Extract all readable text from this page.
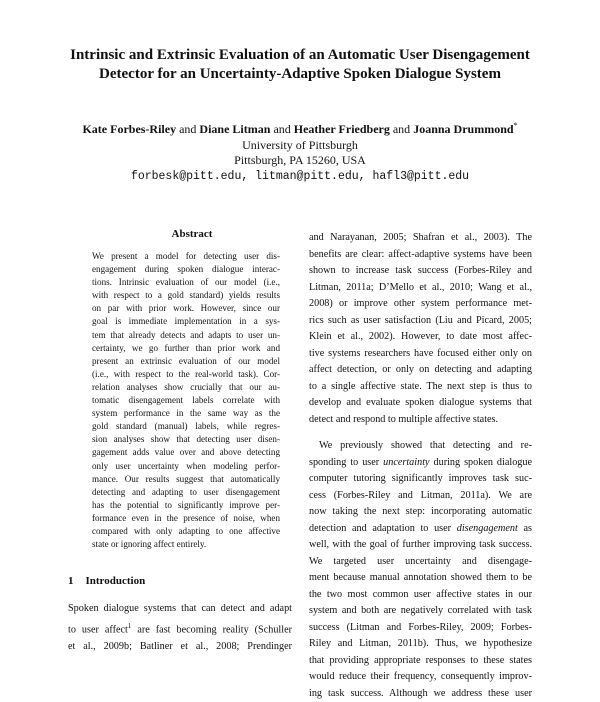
Intrinsic and Extrinsic Evaluation of an Automatic User Disengagement
Detector for an Uncertainty-Adaptive Spoken Dialogue System
Kate Forbes-Riley and Diane Litman and Heather Friedberg and Joanna Drummond*
University of Pittsburgh
Pittsburgh, PA 15260, USA
forbesk@pitt.edu, litman@pitt.edu, hafl3@pitt.edu
Abstract
We present a model for detecting user dis-
engagement during spoken dialogue interac-
tions. Intrinsic evaluation of our model (i.e.,
with respect to a gold standard) yields results
on par with prior work. However, since our
goal is immediate implementation in a sys-
tem that already detects and adapts to user un-
certainty, we go further than prior work and
present an extrinsic evaluation of our model
(i.e., with respect to the real-world task). Cor-
relation analyses show crucially that our au-
tomatic disengagement labels correlate with
system performance in the same way as the
gold standard (manual) labels, while regres-
sion analyses show that detecting user disen-
gagement adds value over and above detecting
only user uncertainty when modeling perfor-
mance. Our results suggest that automatically
detecting and adapting to user disengagement
has the potential to significantly improve per-
formance even in the presence of noise, when
compared with only adapting to one affective
state or ignoring affect entirely.
1 Introduction
Spoken dialogue systems that can detect and adapt
to user affect$^1$ are fast becoming reality (Schuller
et al., 2009b; Batliner et al., 2008; Prendinger
and Narayanan, 2005; Shafran et al., 2003). The
benefits are clear: affect-adaptive systems have been
shown to increase task success (Forbes-Riley and
Litman, 2011a; D’Mello et al., 2010; Wang et al.,
2008) or improve other system performance met-
rics such as user satisfaction (Liu and Picard, 2005;
Klein et al., 2002). However, to date most affec-
tive systems researchers have focused either only on
affect detection, or only on detecting and adapting
to a single affective state. The next step is thus to
develop and evaluate spoken dialogue systems that
detect and respond to multiple affective states.
We previously showed that detecting and re-
sponding to user uncertainty during spoken dialogue
computer tutoring significantly improves task suc-
cess (Forbes-Riley and Litman, 2011a). We are
now taking the next step: incorporating automatic
detection and adaptation to user disengagement as
well, with the goal of further improving task success.
We targeted user uncertainty and disengage-
ment because manual annotation showed them to be
the two most common user affective states in our
system and both are negatively correlated with task
success (Litman and Forbes-Riley, 2009; Forbes-
Riley and Litman, 2011b). Thus, we hypothesize
that providing appropriate responses to these states
would reduce their frequency, consequently improv-
ing task success. Although we address these user
